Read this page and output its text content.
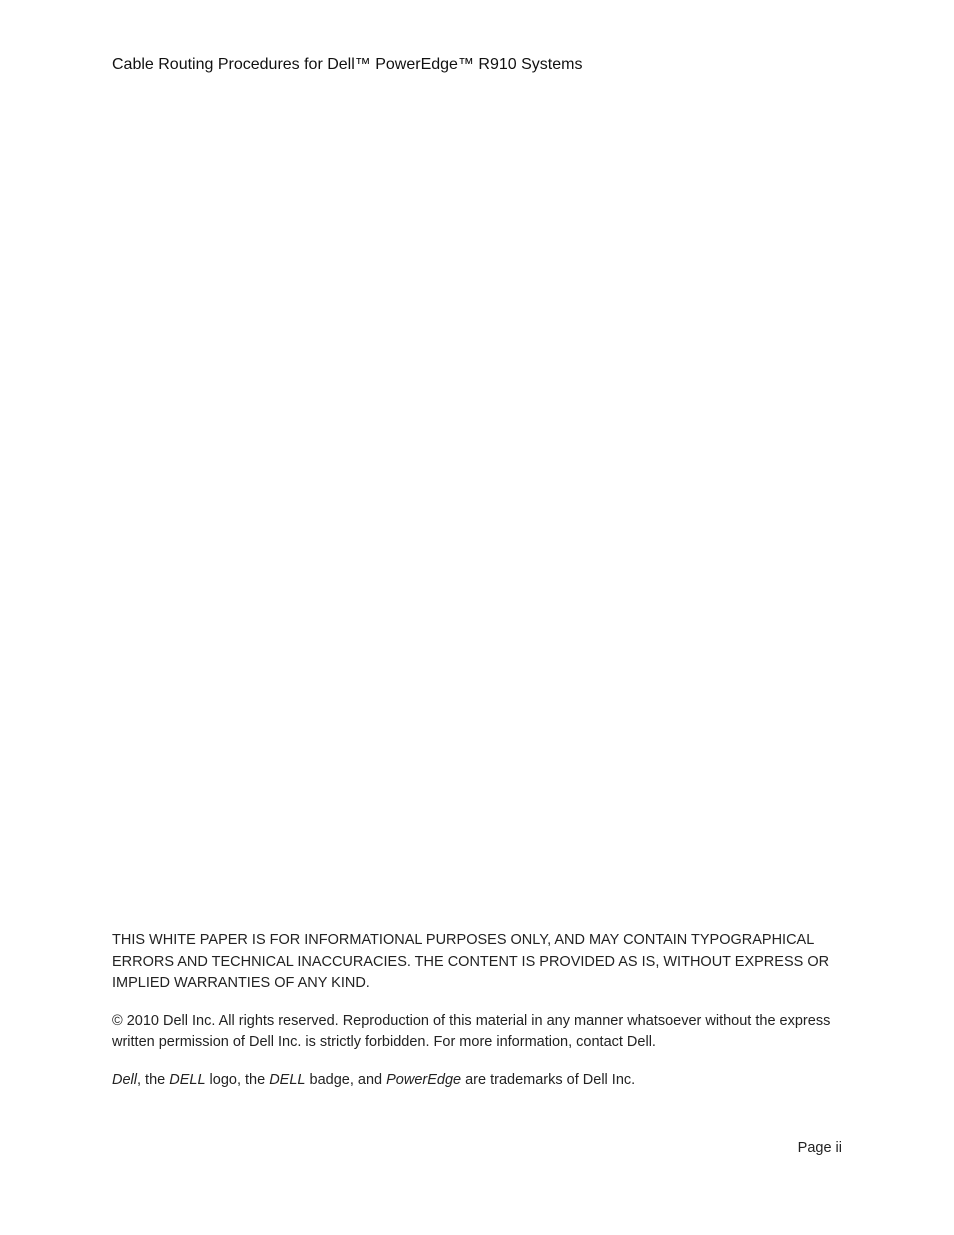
Cable Routing Procedures for Dell™ PowerEdge™ R910 Systems

THIS WHITE PAPER IS FOR INFORMATIONAL PURPOSES ONLY, AND MAY CONTAIN TYPOGRAPHICAL ERRORS AND TECHNICAL INACCURACIES. THE CONTENT IS PROVIDED AS IS, WITHOUT EXPRESS OR IMPLIED WARRANTIES OF ANY KIND.

© 2010 Dell Inc. All rights reserved. Reproduction of this material in any manner whatsoever without the express written permission of Dell Inc. is strictly forbidden. For more information, contact Dell.

Dell, the DELL logo, the DELL badge, and PowerEdge are trademarks of Dell Inc.

Page ii
